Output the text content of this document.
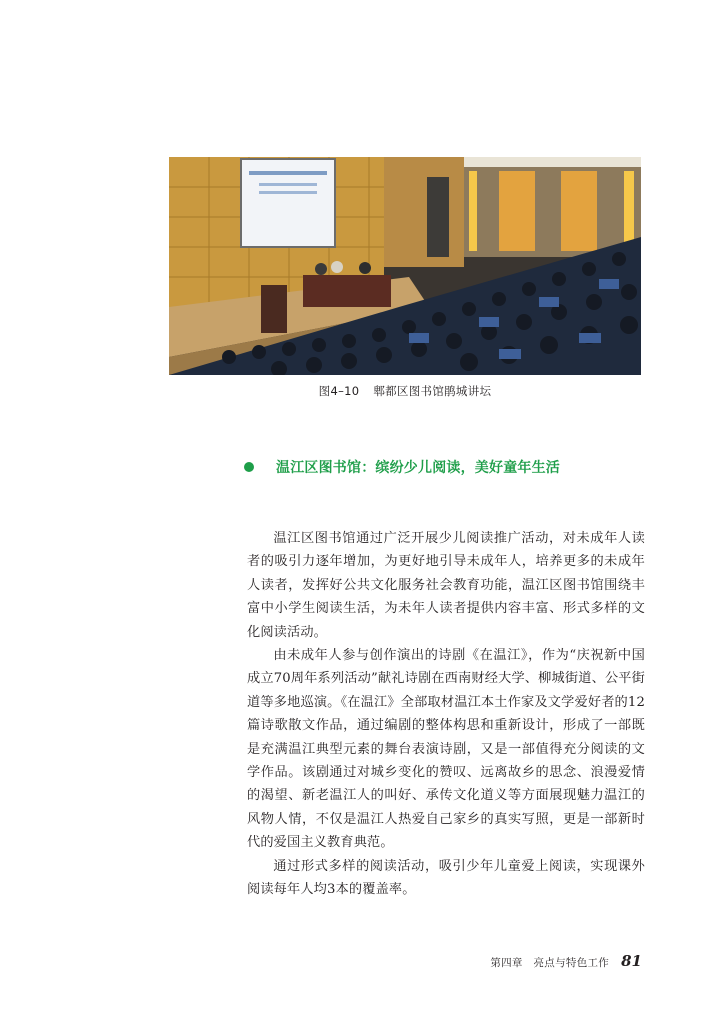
图4–10 郫都区图书馆鹃城讲坛
温江区图书馆：缤纷少儿阅读，美好童年生活

温江区图书馆通过广泛开展少儿阅读推广活动，对未成年人读者的吸引力逐年增加，为更好地引导未成年人，培养更多的未成年人读者，发挥好公共文化服务社会教育功能，温江区图书馆围绕丰富中小学生阅读生活，为未年人读者提供内容丰富、形式多样的文化阅读活动。

由未成年人参与创作演出的诗剧《在温江》，作为“庆祝新中国成立70周年系列活动”献礼诗剧在西南财经大学、柳城街道、公平街道等多地巡演。《在温江》全部取材温江本土作家及文学爱好者的12篇诗歌散文作品，通过编剧的整体构思和重新设计，形成了一部既是充满温江典型元素的舞台表演诗剧，又是一部值得充分阅读的文学作品。该剧通过对城乡变化的赞叹、远离故乡的思念、浪漫爱情的渴望、新老温江人的叫好、承传文化道义等方面展现魅力温江的风物人情，不仅是温江人热爱自己家乡的真实写照，更是一部新时代的爱国主义教育典范。

通过形式多样的阅读活动，吸引少年儿童爱上阅读，实现课外阅读每年人均3本的覆盖率。

第四章　亮点与特色工作 81
